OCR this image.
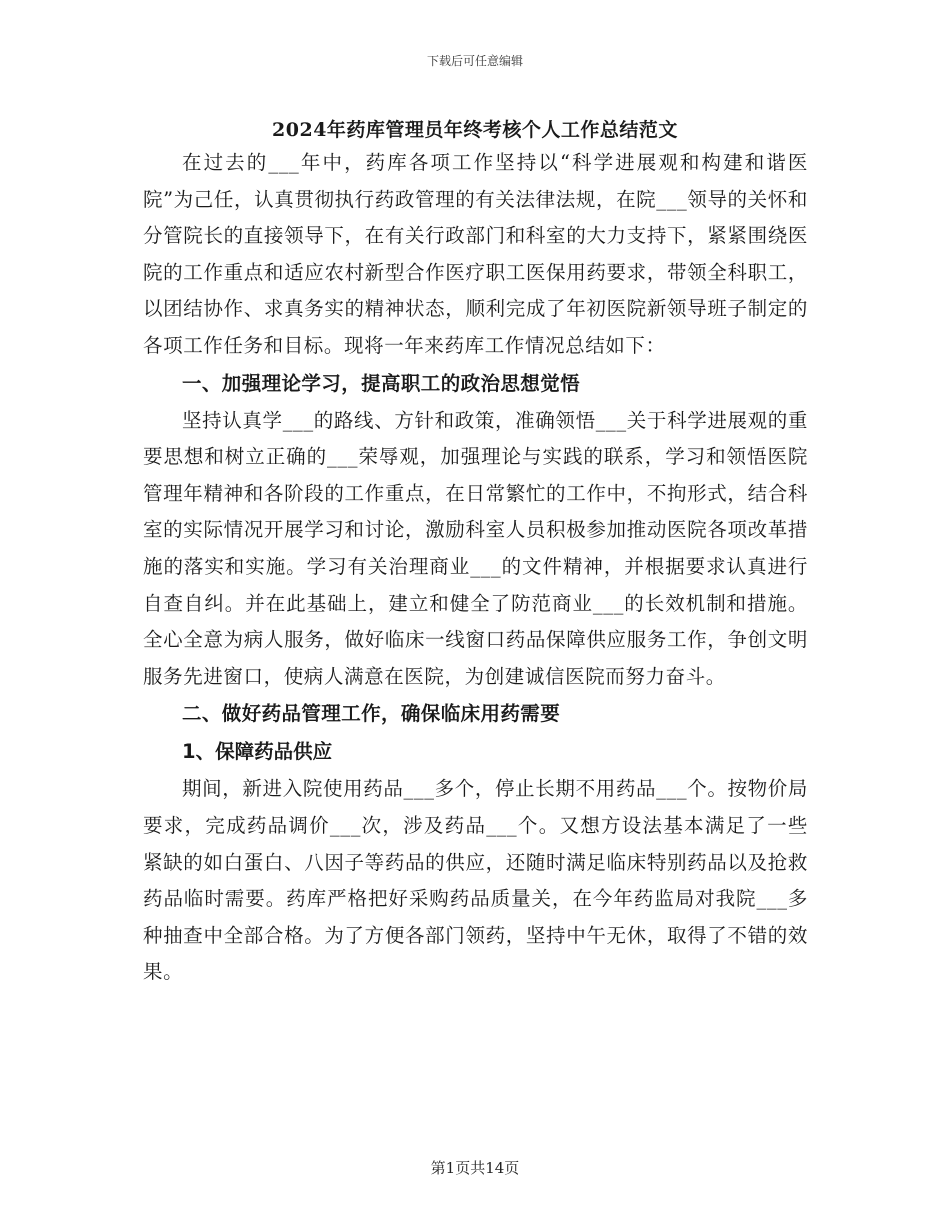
下载后可任意编辑
2024年药库管理员年终考核个人工作总结范文

在过去的___年中，药库各项工作坚持以“科学进展观和构建和谐医院”为己任，认真贯彻执行药政管理的有关法律法规，在院___领导的关怀和分管院长的直接领导下，在有关行政部门和科室的大力支持下，紧紧围绕医院的工作重点和适应农村新型合作医疗职工医保用药要求，带领全科职工，以团结协作、求真务实的精神状态，顺利完成了年初医院新领导班子制定的各项工作任务和目标。现将一年来药库工作情况总结如下：

一、加强理论学习，提高职工的政治思想觉悟

坚持认真学___的路线、方针和政策，准确领悟___关于科学进展观的重要思想和树立正确的___荣辱观，加强理论与实践的联系，学习和领悟医院管理年精神和各阶段的工作重点，在日常繁忙的工作中，不拘形式，结合科室的实际情况开展学习和讨论，激励科室人员积极参加推动医院各项改革措施的落实和实施。学习有关治理商业___的文件精神，并根据要求认真进行自查自纠。并在此基础上，建立和健全了防范商业___的长效机制和措施。全心全意为病人服务，做好临床一线窗口药品保障供应服务工作，争创文明服务先进窗口，使病人满意在医院，为创建诚信医院而努力奋斗。

二、做好药品管理工作，确保临床用药需要

1、保障药品供应

期间，新进入院使用药品___多个，停止长期不用药品___个。按物价局要求，完成药品调价___次，涉及药品___个。又想方设法基本满足了一些紧缺的如白蛋白、八因子等药品的供应，还随时满足临床特别药品以及抢救药品临时需要。药库严格把好采购药品质量关，在今年药监局对我院___多种抽查中全部合格。为了方便各部门领药，坚持中午无休，取得了不错的效果。

第1页共14页
